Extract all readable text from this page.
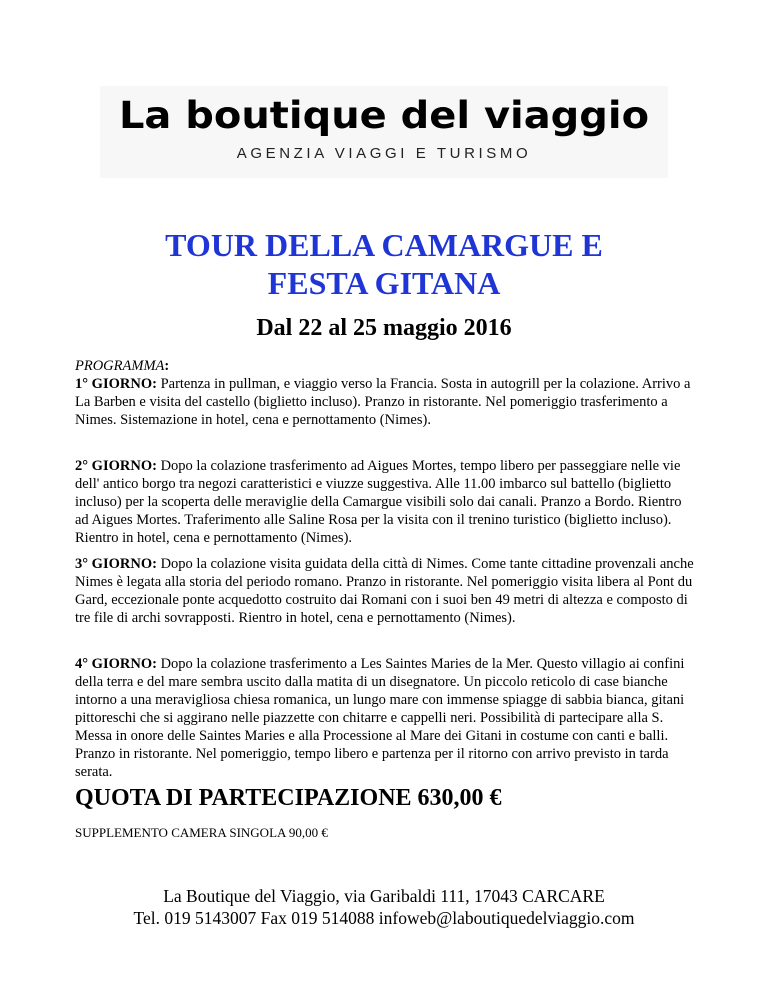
La boutique del viaggio
AGENZIA VIAGGI E TURISMO
TOUR DELLA CAMARGUE E
FESTA GITANA
Dal 22 al 25 maggio 2016
PROGRAMMA:
1° GIORNO: Partenza in pullman, e viaggio verso la Francia. Sosta in autogrill per la colazione. Arrivo a La Barben e visita del castello (biglietto incluso). Pranzo in ristorante. Nel pomeriggio trasferimento a Nimes. Sistemazione in hotel, cena e pernottamento (Nimes).
2° GIORNO: Dopo la colazione trasferimento ad Aigues Mortes, tempo libero per passeggiare nelle vie dell' antico borgo tra negozi caratteristici e viuzze suggestiva. Alle 11.00 imbarco sul battello (biglietto incluso) per la scoperta delle meraviglie della Camargue visibili solo dai canali. Pranzo a Bordo. Rientro ad Aigues Mortes. Traferimento alle Saline Rosa per la visita con il trenino turistico (biglietto incluso). Rientro in hotel, cena e pernottamento (Nimes).
3° GIORNO: Dopo la colazione visita guidata della città di Nimes. Come tante cittadine provenzali anche Nimes è legata alla storia del periodo romano. Pranzo in ristorante. Nel pomeriggio visita libera al Pont du Gard, eccezionale ponte acquedotto costruito dai Romani con i suoi ben 49 metri di altezza e composto di tre file di archi sovrapposti. Rientro in hotel, cena e pernottamento (Nimes).
4° GIORNO: Dopo la colazione trasferimento a Les Saintes Maries de la Mer. Questo villagio ai confini della terra e del mare sembra uscito dalla matita di un disegnatore. Un piccolo reticolo di case bianche intorno a una meravigliosa chiesa romanica, un lungo mare con immense spiagge di sabbia bianca, gitani pittoreschi che si aggirano nelle piazzette con chitarre e cappelli neri. Possibilità di partecipare alla S. Messa in onore delle Saintes Maries e alla Processione al Mare dei Gitani in costume con canti e balli. Pranzo in ristorante. Nel pomeriggio, tempo libero e partenza per il ritorno con arrivo previsto in tarda serata.
QUOTA DI PARTECIPAZIONE 630,00 €
SUPPLEMENTO CAMERA SINGOLA 90,00 €
La Boutique del Viaggio, via Garibaldi 111, 17043 CARCARE
Tel. 019 5143007 Fax 019 514088 infoweb@laboutiquedelviaggio.com
